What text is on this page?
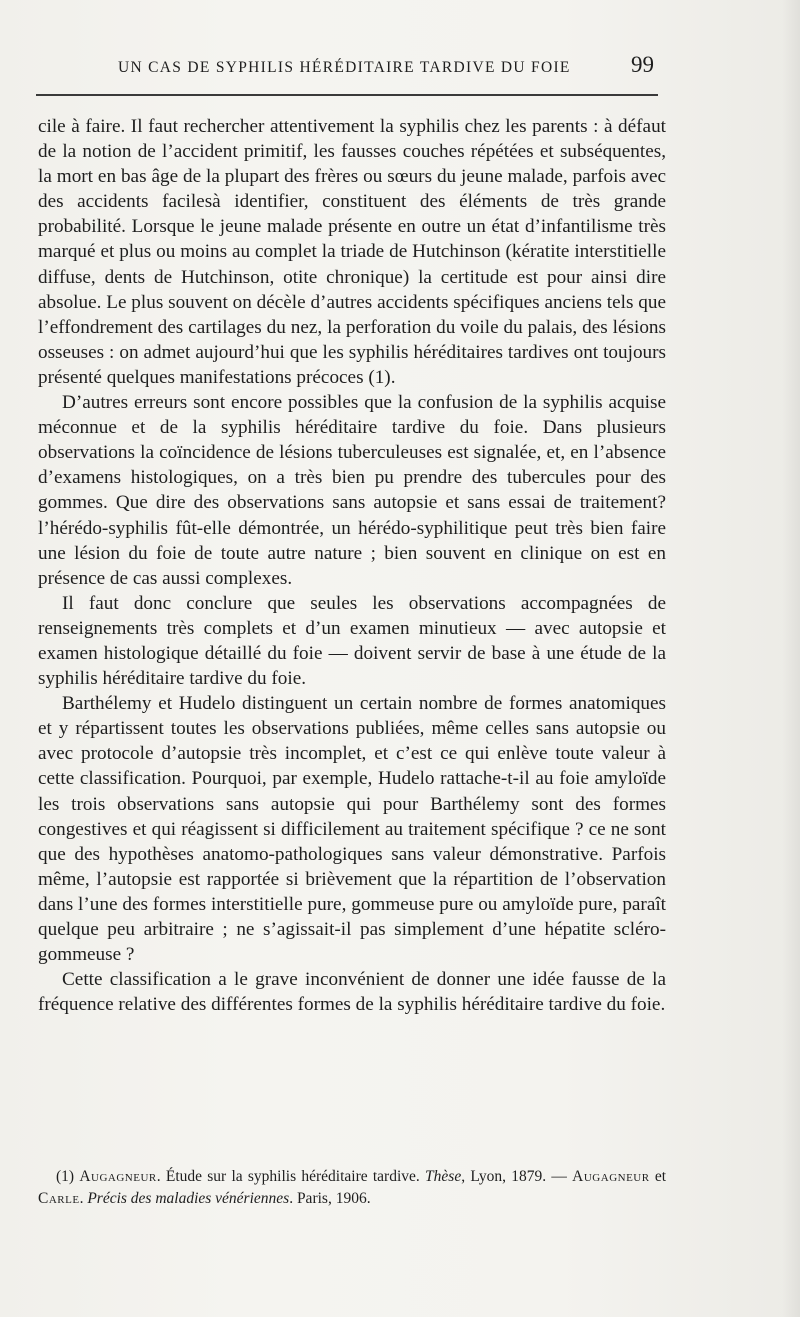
UN CAS DE SYPHILIS HÉRÉDITAIRE TARDIVE DU FOIE	99

cile à faire. Il faut rechercher attentivement la syphilis chez les parents : à défaut de la notion de l’accident primitif, les fausses couches répétées et subséquentes, la mort en bas âge de la plupart des frères ou sœurs du jeune malade, parfois avec des accidents facilesà identifier, constituent des éléments de très grande probabilité. Lorsque le jeune malade présente en outre un état d’infantilisme très marqué et plus ou moins au complet la triade de Hutchinson (kératite interstitielle diffuse, dents de Hutchinson, otite chronique) la certitude est pour ainsi dire absolue. Le plus souvent on décèle d’autres accidents spécifiques anciens tels que l’effondrement des cartilages du nez, la perforation du voile du palais, des lésions osseuses : on admet aujourd’hui que les syphilis héréditaires tardives ont toujours présenté quelques manifestations précoces (1).

D’autres erreurs sont encore possibles que la confusion de la syphilis acquise méconnue et de la syphilis héréditaire tardive du foie. Dans plusieurs observations la coïncidence de lésions tuberculeuses est signalée, et, en l’absence d’examens histologiques, on a très bien pu prendre des tubercules pour des gommes. Que dire des observations sans autopsie et sans essai de traitement? l’hérédo-syphilis fût-elle démontrée, un hérédo-syphilitique peut très bien faire une lésion du foie de toute autre nature ; bien souvent en clinique on est en présence de cas aussi complexes.

Il faut donc conclure que seules les observations accompagnées de renseignements très complets et d’un examen minutieux — avec autopsie et examen histologique détaillé du foie — doivent servir de base à une étude de la syphilis héréditaire tardive du foie.

Barthélemy et Hudelo distinguent un certain nombre de formes anatomiques et y répartissent toutes les observations publiées, même celles sans autopsie ou avec protocole d’autopsie très incomplet, et c’est ce qui enlève toute valeur à cette classification. Pourquoi, par exemple, Hudelo rattache-t-il au foie amyloïde les trois observations sans autopsie qui pour Barthélemy sont des formes congestives et qui réagissent si difficilement au traitement spécifique ? ce ne sont que des hypothèses anatomo-pathologiques sans valeur démonstrative. Parfois même, l’autopsie est rapportée si brièvement que la répartition de l’observation dans l’une des formes interstitielle pure, gommeuse pure ou amyloïde pure, paraît quelque peu arbitraire ; ne s’agissait-il pas simplement d’une hépatite scléro-gommeuse ?

Cette classification a le grave inconvénient de donner une idée fausse de la fréquence relative des différentes formes de la syphilis héréditaire tardive du foie.

(1) Augagneur. Étude sur la syphilis héréditaire tardive. Thèse, Lyon, 1879. — Augagneur et Carle. Précis des maladies vénériennes. Paris, 1906.
